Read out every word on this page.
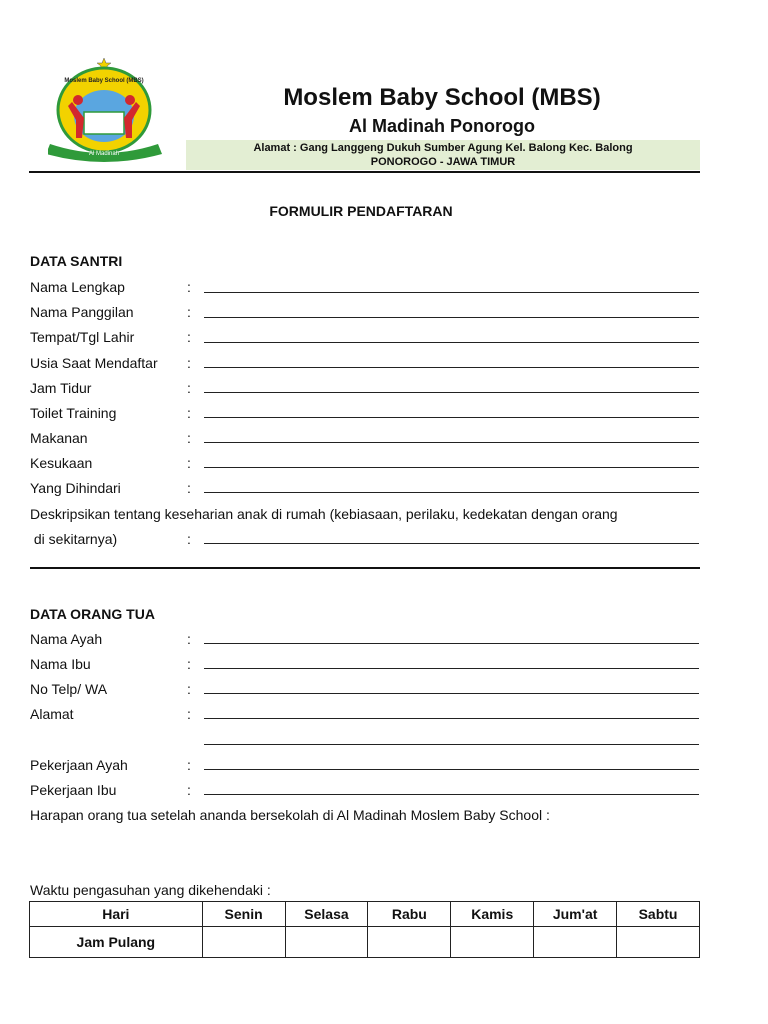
Moslem Baby School (MBS)
Al Madinah
Moslem Baby School (MBS)
Al Madinah Ponorogo
Alamat : Gang Langgeng Dukuh Sumber Agung Kel. Balong Kec. Balong
PONOROGO - JAWA TIMUR
FORMULIR PENDAFTARAN
DATA SANTRI
Nama Lengkap	:
Nama Panggilan	:
Tempat/Tgl Lahir	:
Usia Saat Mendaftar :
Jam Tidur	:
Toilet Training	:
Makanan	:
Kesukaan	:
Yang Dihindari	:
Deskripsikan tentang keseharian anak di rumah (kebiasaan, perilaku, kedekatan dengan orang
di sekitarnya)	:
DATA ORANG TUA
Nama Ayah	:
Nama Ibu	:
No Telp/ WA	:
Alamat	:
Pekerjaan Ayah	:
Pekerjaan Ibu	:
Harapan orang tua setelah ananda bersekolah di Al Madinah Moslem Baby School :
Waktu pengasuhan yang dikehendaki :
Hari	Senin	Selasa	Rabu	Kamis	Jum'at	Sabtu
Jam Pulang						
